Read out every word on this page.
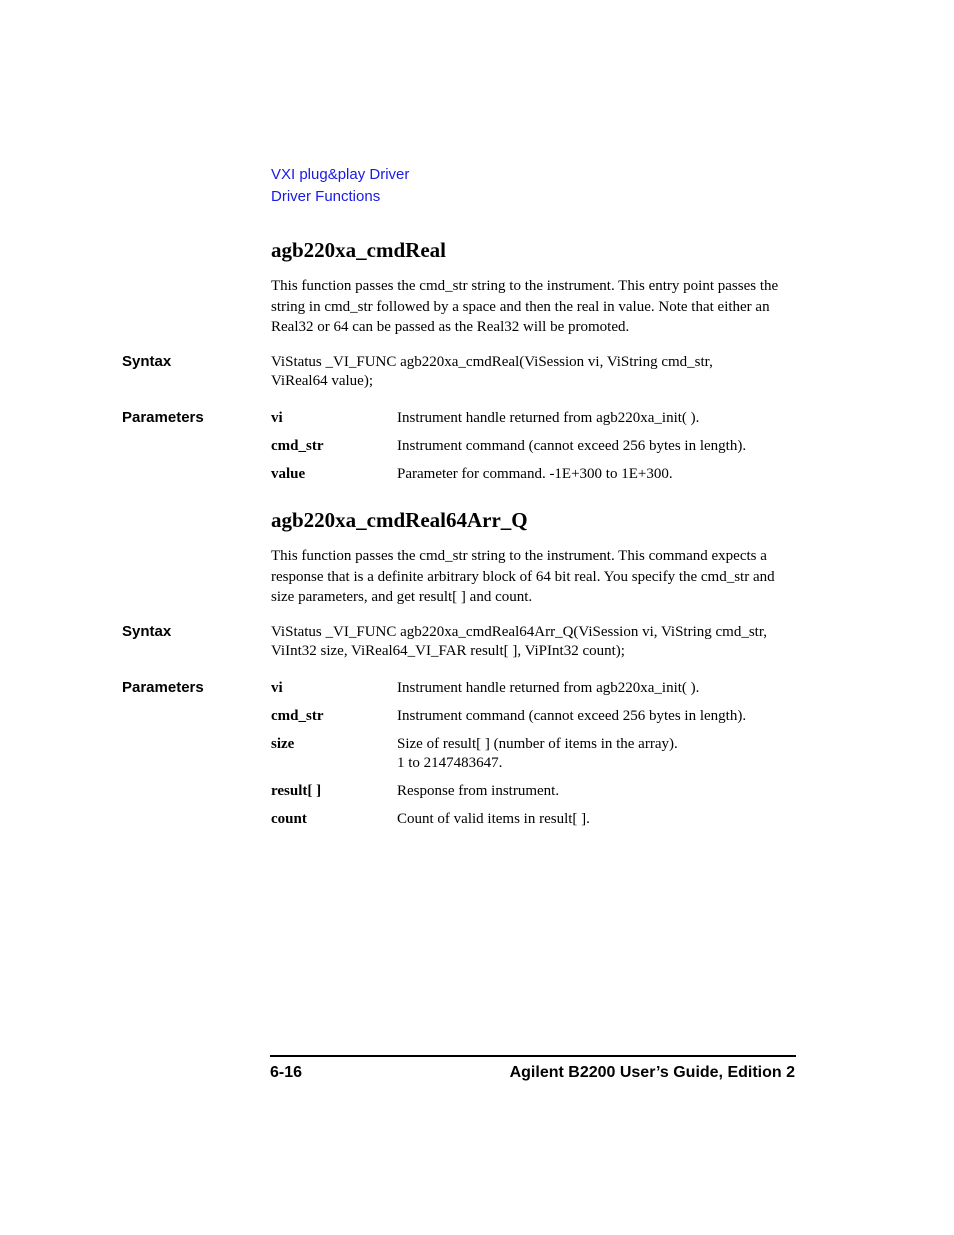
VXI plug&play Driver
Driver Functions
agb220xa_cmdReal
This function passes the cmd_str string to the instrument. This entry point passes the string in cmd_str followed by a space and then the real in value. Note that either an Real32 or 64 can be passed as the Real32 will be promoted.
Syntax	ViStatus _VI_FUNC agb220xa_cmdReal(ViSession vi, ViString cmd_str,
ViReal64 value);
Parameters	vi	Instrument handle returned from agb220xa_init( ).
cmd_str	Instrument command (cannot exceed 256 bytes in length).
value	Parameter for command. -1E+300 to 1E+300.
agb220xa_cmdReal64Arr_Q
This function passes the cmd_str string to the instrument. This command expects a response that is a definite arbitrary block of 64 bit real. You specify the cmd_str and size parameters, and get result[ ] and count.
Syntax	ViStatus _VI_FUNC agb220xa_cmdReal64Arr_Q(ViSession vi, ViString cmd_str,
ViInt32 size, ViReal64_VI_FAR result[ ], ViPInt32 count);
Parameters	vi	Instrument handle returned from agb220xa_init( ).
cmd_str	Instrument command (cannot exceed 256 bytes in length).
size	Size of result[ ] (number of items in the array).
1 to 2147483647.
result[ ]	Response from instrument.
count	Count of valid items in result[ ].
6-16	Agilent B2200 User’s Guide, Edition 2
